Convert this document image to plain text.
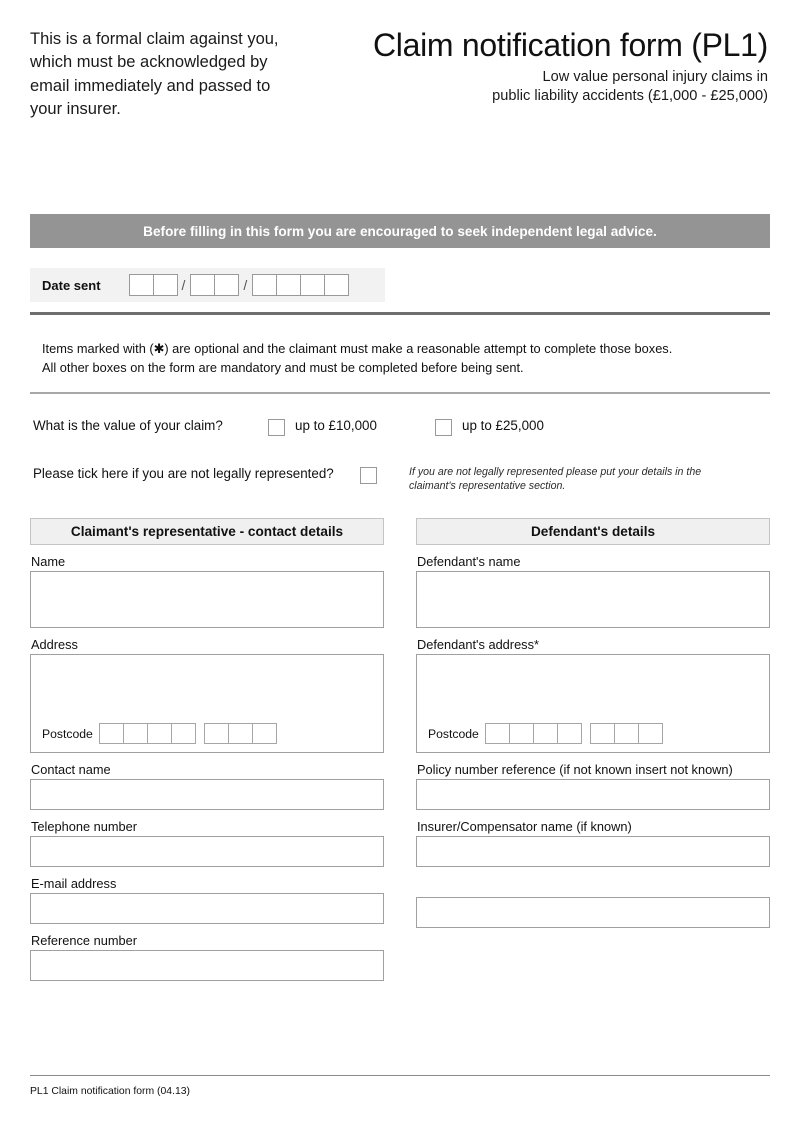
This is a formal claim against you, which must be acknowledged by email immediately and passed to your insurer.
Claim notification form (PL1)
Low value personal injury claims in
public liability accidents (£1,000 - £25,000)
Before filling in this form you are encouraged to seek independent legal advice.
Date sent	/	/
Items marked with (✱) are optional and the claimant must make a reasonable attempt to complete those boxes.
All other boxes on the form are mandatory and must be completed before being sent.
What is the value of your claim?	up to £10,000	up to £25,000
Please tick here if you are not legally represented?	If you are not legally represented please put your details in the claimant's representative section.
Claimant's representative - contact details
Name
Address
Postcode
Contact name
Telephone number
E-mail address
Reference number
Defendant's details
Defendant's name
Defendant's address*
Postcode
Policy number reference (if not known insert not known)
Insurer/Compensator name (if known)
PL1 Claim notification form (04.13)
